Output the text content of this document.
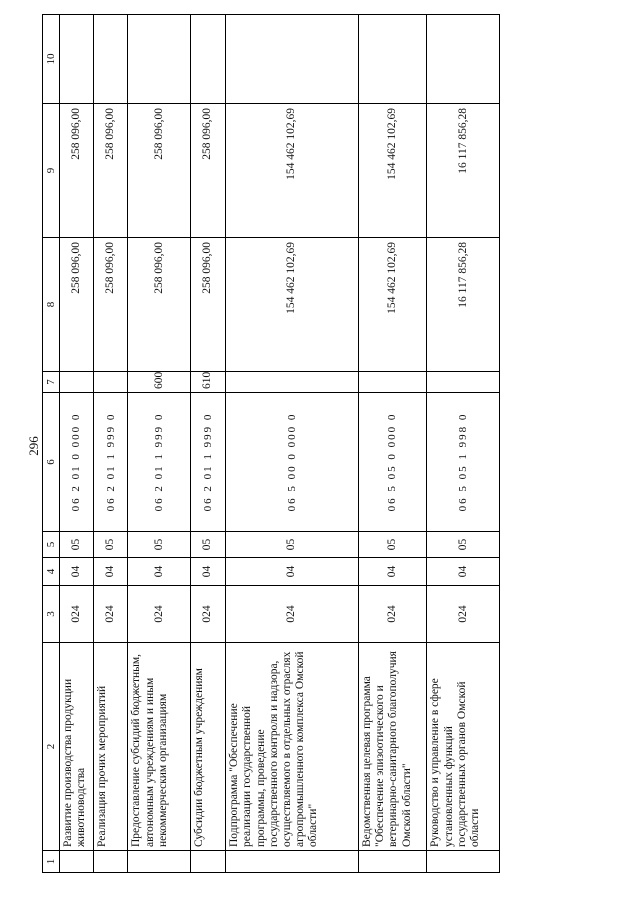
296
1	2	3	4	5	6	7	8	9	10
	Развитие производства продукции животноводства	024	04	05	06 2 01 0 000 0		258 096,00	258 096,00	
	Реализация прочих мероприятий	024	04	05	06 2 01 1 999 0		258 096,00	258 096,00	
	Предоставление субсидий бюджетным, автономным учреждениям и иным некоммерческим организациям	024	04	05	06 2 01 1 999 0	600	258 096,00	258 096,00	
	Субсидии бюджетным учреждениям	024	04	05	06 2 01 1 999 0	610	258 096,00	258 096,00	
	Подпрограмма "Обеспечение реализации государственной программы, проведение государственного контроля и надзора, осуществляемого в отдельных отраслях агропромышленного комплекса Омской области"	024	04	05	06 5 00 0 000 0		154 462 102,69	154 462 102,69	
	Ведомственная целевая программа "Обеспечение эпизоотического и ветеринарно-санитарного благополучия Омской области"	024	04	05	06 5 05 0 000 0		154 462 102,69	154 462 102,69	
	Руководство и управление в сфере установленных функций государственных органов Омской области	024	04	05	06 5 05 1 998 0		16 117 856,28	16 117 856,28	
